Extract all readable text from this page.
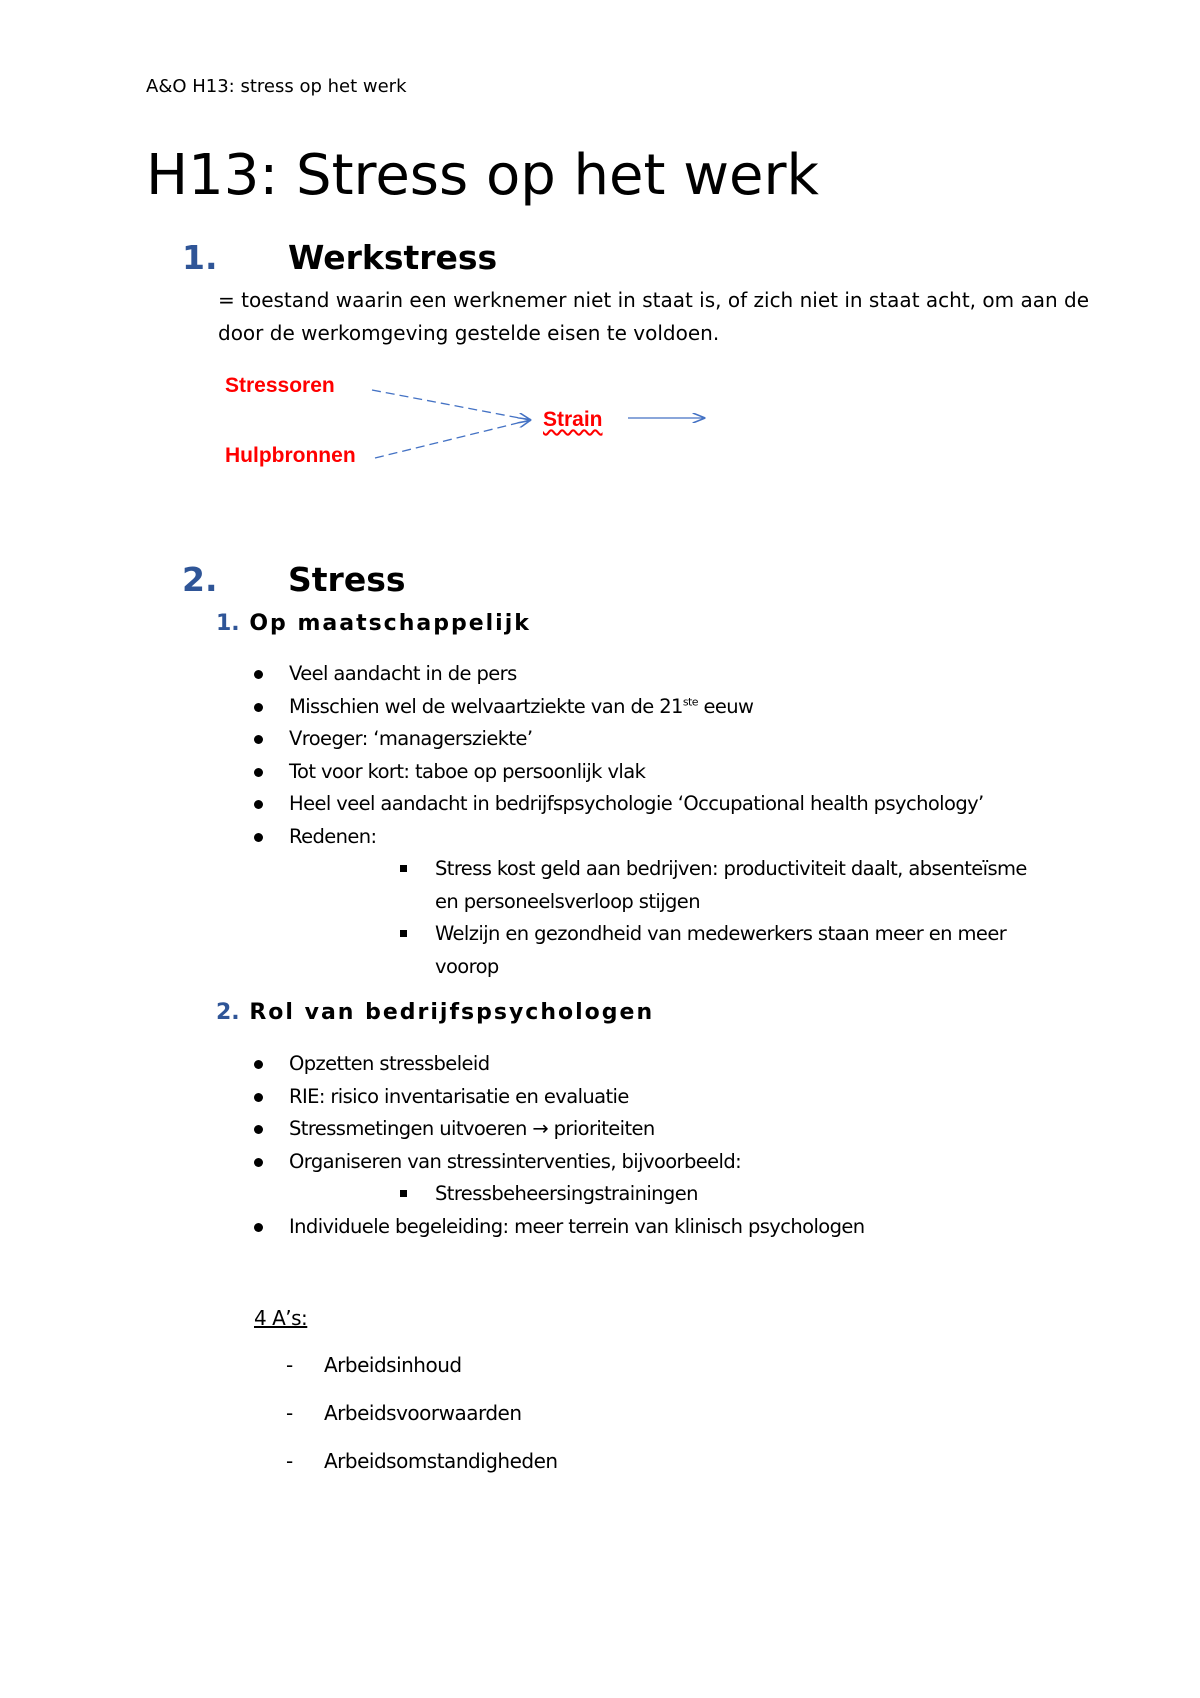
A&O H13: stress op het werk
H13: Stress op het werk
1. Werkstress

= toestand waarin een werknemer niet in staat is, of zich niet in staat acht, om aan de door de werkomgeving gestelde eisen te voldoen.

Stressoren
Hulpbronnen
Strain
2. Stress
1. Op maatschappelijk
Veel aandacht in de pers
Misschien wel de welvaartziekte van de 21ste eeuw
Vroeger: ‘managersziekte’
Tot voor kort: taboe op persoonlijk vlak
Heel veel aandacht in bedrijfspsychologie ‘Occupational health psychology’
Redenen:
Stress kost geld aan bedrijven: productiviteit daalt, absenteïsme en personeelsverloop stijgen
Welzijn en gezondheid van medewerkers staan meer en meer voorop
2. Rol van bedrijfspsychologen
Opzetten stressbeleid
RIE: risico inventarisatie en evaluatie
Stressmetingen uitvoeren → prioriteiten
Organiseren van stressinterventies, bijvoorbeeld:
Stressbeheersingstrainingen
Individuele begeleiding: meer terrein van klinisch psychologen
4 A’s:
- Arbeidsinhoud
- Arbeidsvoorwaarden
- Arbeidsomstandigheden
